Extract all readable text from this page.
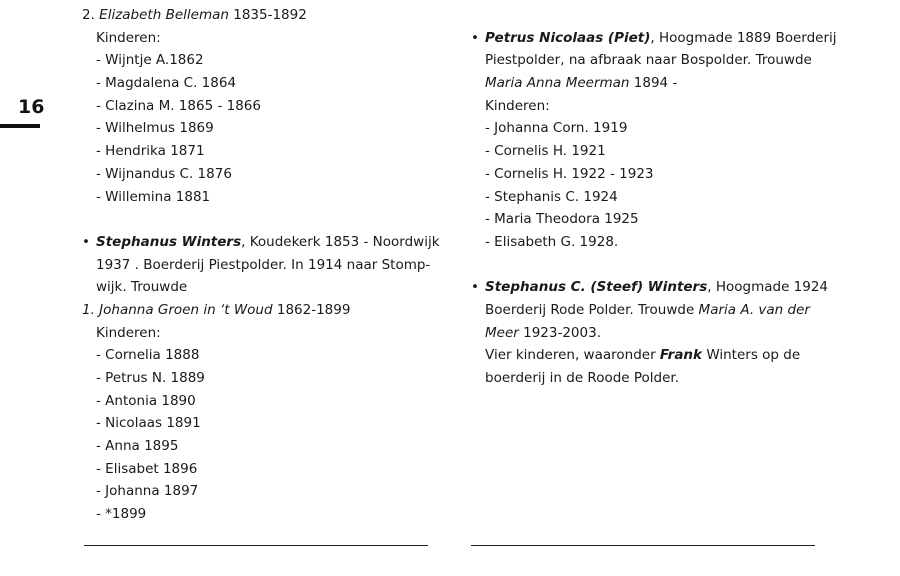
16
2. Elizabeth Belleman 1835-1892
Kinderen:
- Wijntje A.1862
- Magdalena C. 1864
- Clazina M. 1865 - 1866
- Wilhelmus 1869
- Hendrika 1871
- Wijnandus C. 1876
- Willemina 1881
• Stephanus Winters, Koudekerk 1853 - Noordwijk
1937 . Boerderij Piestpolder. In 1914 naar Stomp-
wijk. Trouwde
1. Johanna Groen in ‘t Woud 1862-1899
Kinderen:
- Cornelia 1888
- Petrus N. 1889
- Antonia 1890
- Nicolaas 1891
- Anna 1895
- Elisabet 1896
- Johanna 1897
- *1899
• Petrus Nicolaas (Piet), Hoogmade 1889 Boerderij
Piestpolder, na afbraak naar Bospolder. Trouwde
Maria Anna Meerman 1894 -
Kinderen:
- Johanna Corn. 1919
- Cornelis H. 1921
- Cornelis H. 1922 - 1923
- Stephanis C. 1924
- Maria Theodora 1925
- Elisabeth G. 1928.
• Stephanus C. (Steef) Winters, Hoogmade 1924
Boerderij Rode Polder. Trouwde Maria A. van der
Meer 1923-2003.
Vier kinderen, waaronder Frank Winters op de
boerderij in de Roode Polder.
